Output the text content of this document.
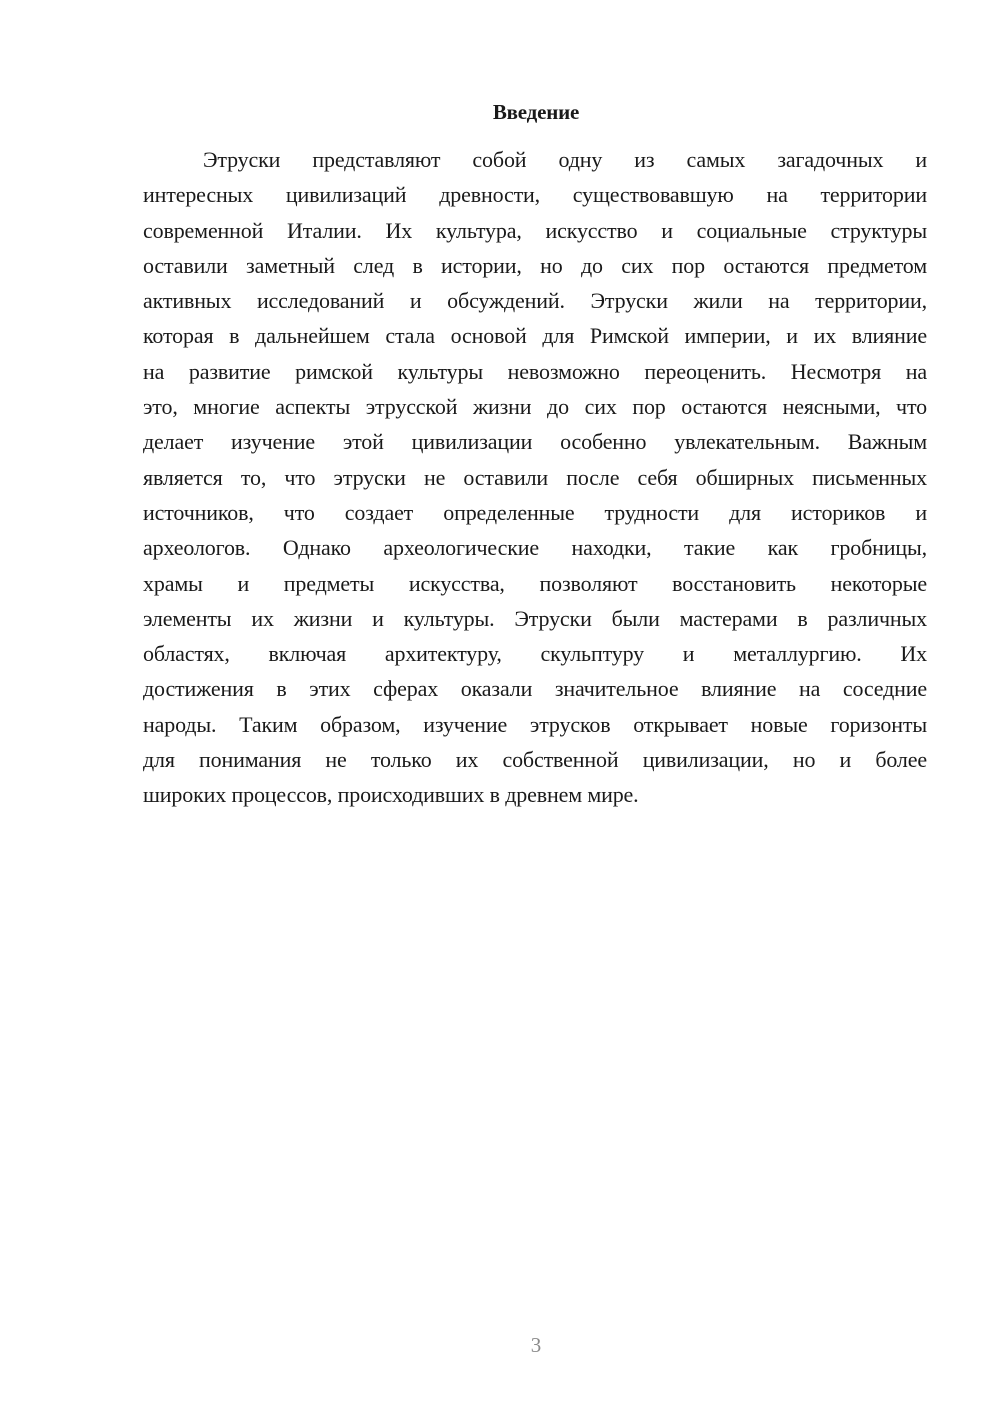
Введение
Этруски представляют собой одну из самых загадочных и
интересных цивилизаций древности, существовавшую на территории
современной Италии. Их культура, искусство и социальные структуры
оставили заметный след в истории, но до сих пор остаются предметом
активных исследований и обсуждений. Этруски жили на территории,
которая в дальнейшем стала основой для Римской империи, и их влияние
на развитие римской культуры невозможно переоценить. Несмотря на
это, многие аспекты этрусской жизни до сих пор остаются неясными, что
делает изучение этой цивилизации особенно увлекательным. Важным
является то, что этруски не оставили после себя обширных письменных
источников, что создает определенные трудности для историков и
археологов. Однако археологические находки, такие как гробницы,
храмы и предметы искусства, позволяют восстановить некоторые
элементы их жизни и культуры. Этруски были мастерами в различных
областях, включая архитектуру, скульптуру и металлургию. Их
достижения в этих сферах оказали значительное влияние на соседние
народы. Таким образом, изучение этрусков открывает новые горизонты
для понимания не только их собственной цивилизации, но и более
широких процессов, происходивших в древнем мире.
3
